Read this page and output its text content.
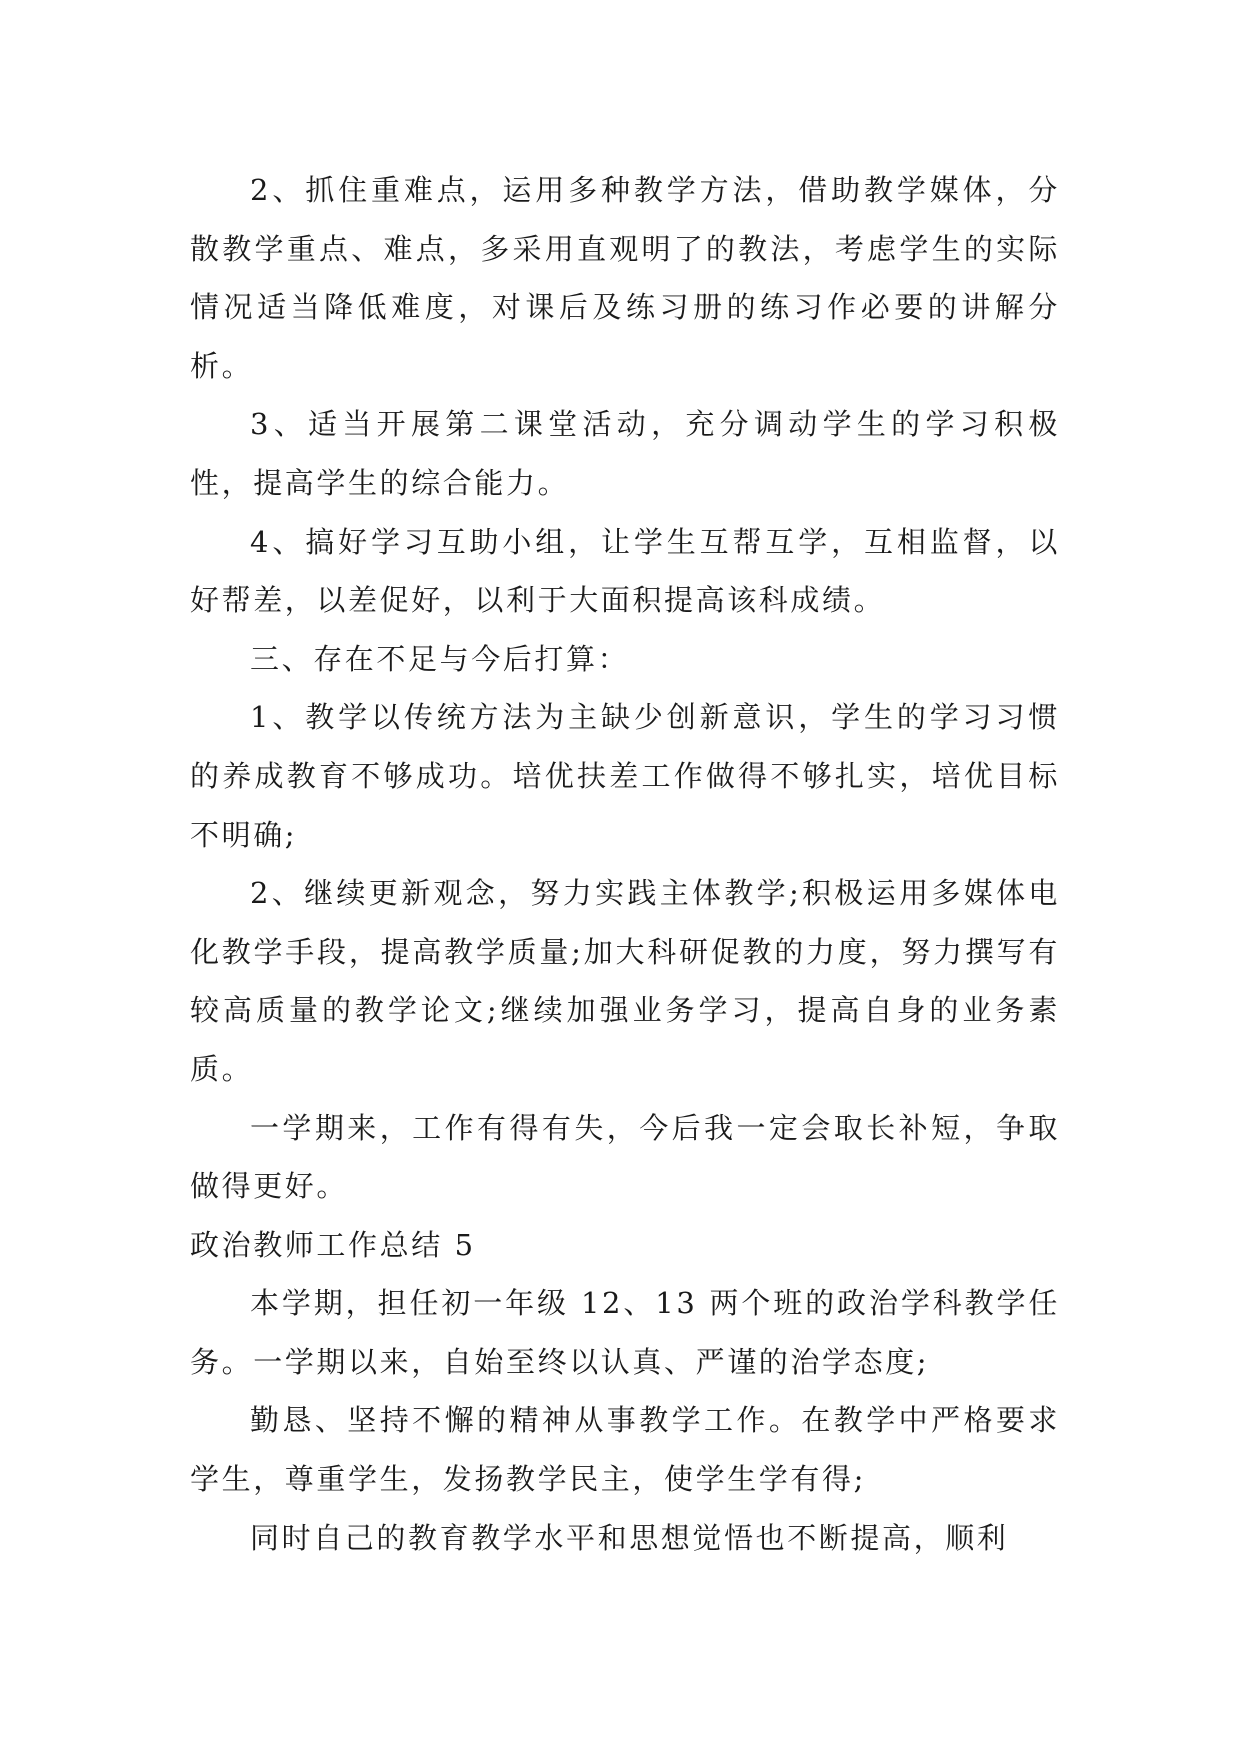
2、抓住重难点，运用多种教学方法，借助教学媒体，分散教学重点、难点，多采用直观明了的教法，考虑学生的实际情况适当降低难度，对课后及练习册的练习作必要的讲解分析。

3、适当开展第二课堂活动，充分调动学生的学习积极性，提高学生的综合能力。

4、搞好学习互助小组，让学生互帮互学，互相监督，以好帮差，以差促好，以利于大面积提高该科成绩。

三、存在不足与今后打算：

1、教学以传统方法为主缺少创新意识，学生的学习习惯的养成教育不够成功。培优扶差工作做得不够扎实，培优目标不明确;

2、继续更新观念，努力实践主体教学;积极运用多媒体电化教学手段，提高教学质量;加大科研促教的力度，努力撰写有较高质量的教学论文;继续加强业务学习，提高自身的业务素质。

一学期来，工作有得有失，今后我一定会取长补短，争取做得更好。

政治教师工作总结 5

本学期，担任初一年级 12、13 两个班的政治学科教学任务。一学期以来，自始至终以认真、严谨的治学态度;

勤恳、坚持不懈的精神从事教学工作。在教学中严格要求学生，尊重学生，发扬教学民主，使学生学有得;

同时自己的教育教学水平和思想觉悟也不断提高，顺利
